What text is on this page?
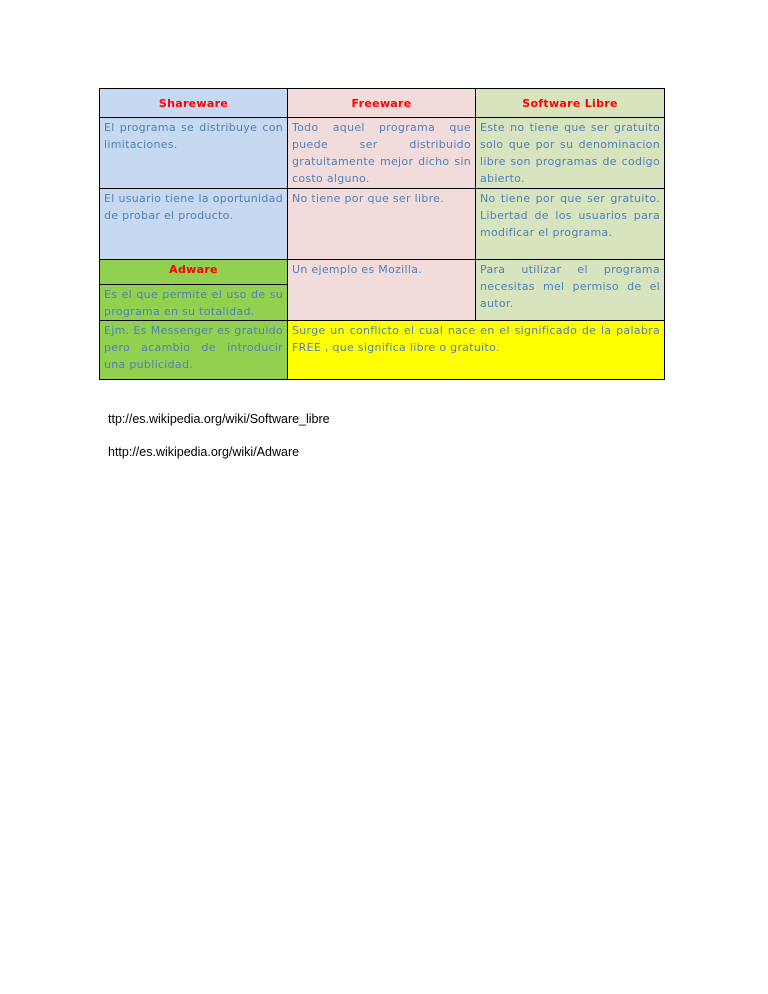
Shareware	Freeware	Software Libre
El programa se distribuye con limitaciones.	Todo aquel programa que puede ser distribuido gratuitamente mejor dicho sin costo alguno.	Este no tiene que ser gratuito solo que por su denominacion libre son programas de codigo abierto.
El usuario tiene la oportunidad de probar el producto.	No tiene por que ser libre.	No tiene por que ser gratuito. Libertad de los usuarios para modificar el programa.

Adware
Es el que permite el uso de su programa en su totalidad.	Un ejemplo es Mozilla.	Para utilizar el programa necesitas mel permiso de el autor.
Ejm. Es Messenger es gratuido pero acambio de introducir una publicidad.	Surge un conflicto el cual nace en el significado de la palabra FREE , que significa libre o gratuito.	
ttp://es.wikipedia.org/wiki/Software_libre
http://es.wikipedia.org/wiki/Adware
